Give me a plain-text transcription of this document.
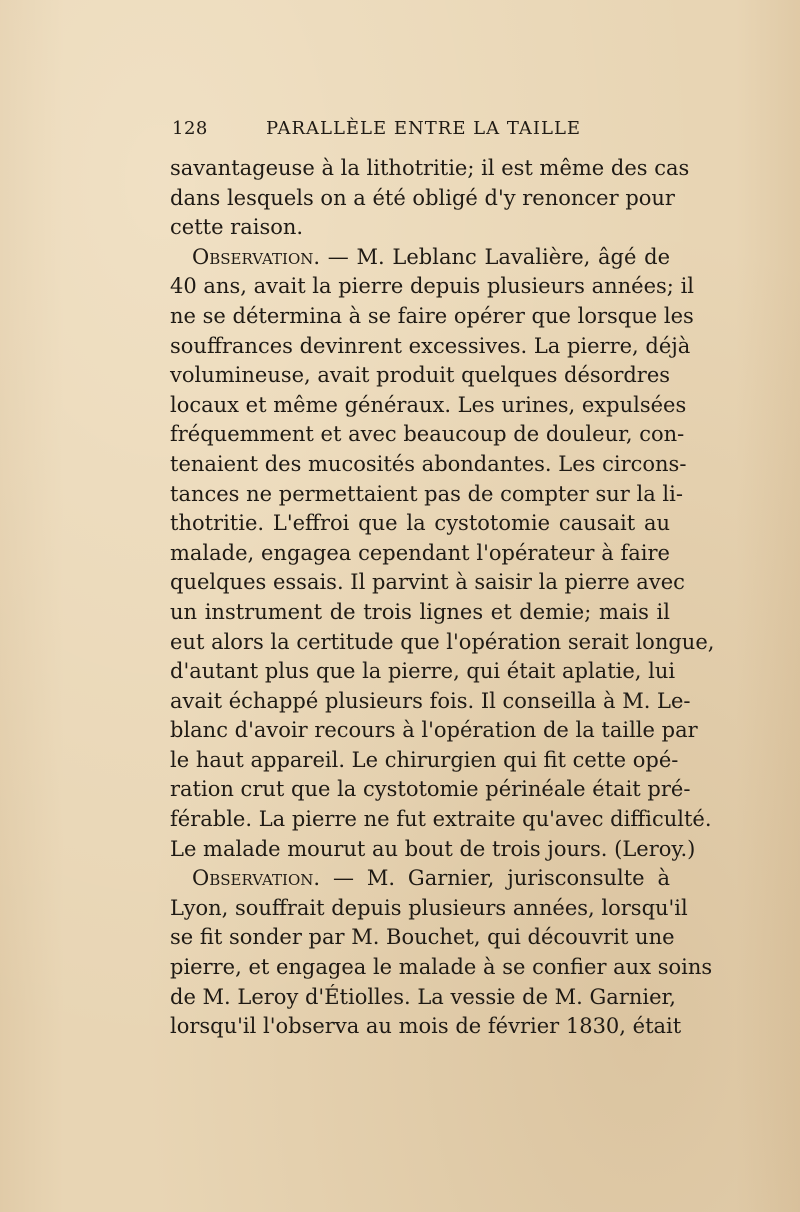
128	PARALLÈLE ENTRE LA TAILLE
savantageuse à la lithotritie; il est même des cas
dans lesquels on a été obligé d'y renoncer pour
cette raison.
Observation. — M. Leblanc Lavalière, âgé de
40 ans, avait la pierre depuis plusieurs années; il
ne se détermina à se faire opérer que lorsque les
souffrances devinrent excessives. La pierre, déjà
volumineuse, avait produit quelques désordres
locaux et même généraux. Les urines, expulsées
fréquemment et avec beaucoup de douleur, con-
tenaient des mucosités abondantes. Les circons-
tances ne permettaient pas de compter sur la li-
thotritie. L'effroi que la cystotomie causait au
malade, engagea cependant l'opérateur à faire
quelques essais. Il parvint à saisir la pierre avec
un instrument de trois lignes et demie; mais il
eut alors la certitude que l'opération serait longue,
d'autant plus que la pierre, qui était aplatie, lui
avait échappé plusieurs fois. Il conseilla à M. Le-
blanc d'avoir recours à l'opération de la taille par
le haut appareil. Le chirurgien qui fit cette opé-
ration crut que la cystotomie périnéale était pré-
férable. La pierre ne fut extraite qu'avec difficulté.
Le malade mourut au bout de trois jours. (Leroy.)
Observation. — M. Garnier, jurisconsulte à
Lyon, souffrait depuis plusieurs années, lorsqu'il
se fit sonder par M. Bouchet, qui découvrit une
pierre, et engagea le malade à se confier aux soins
de M. Leroy d'Étiolles. La vessie de M. Garnier,
lorsqu'il l'observa au mois de février 1830, était
